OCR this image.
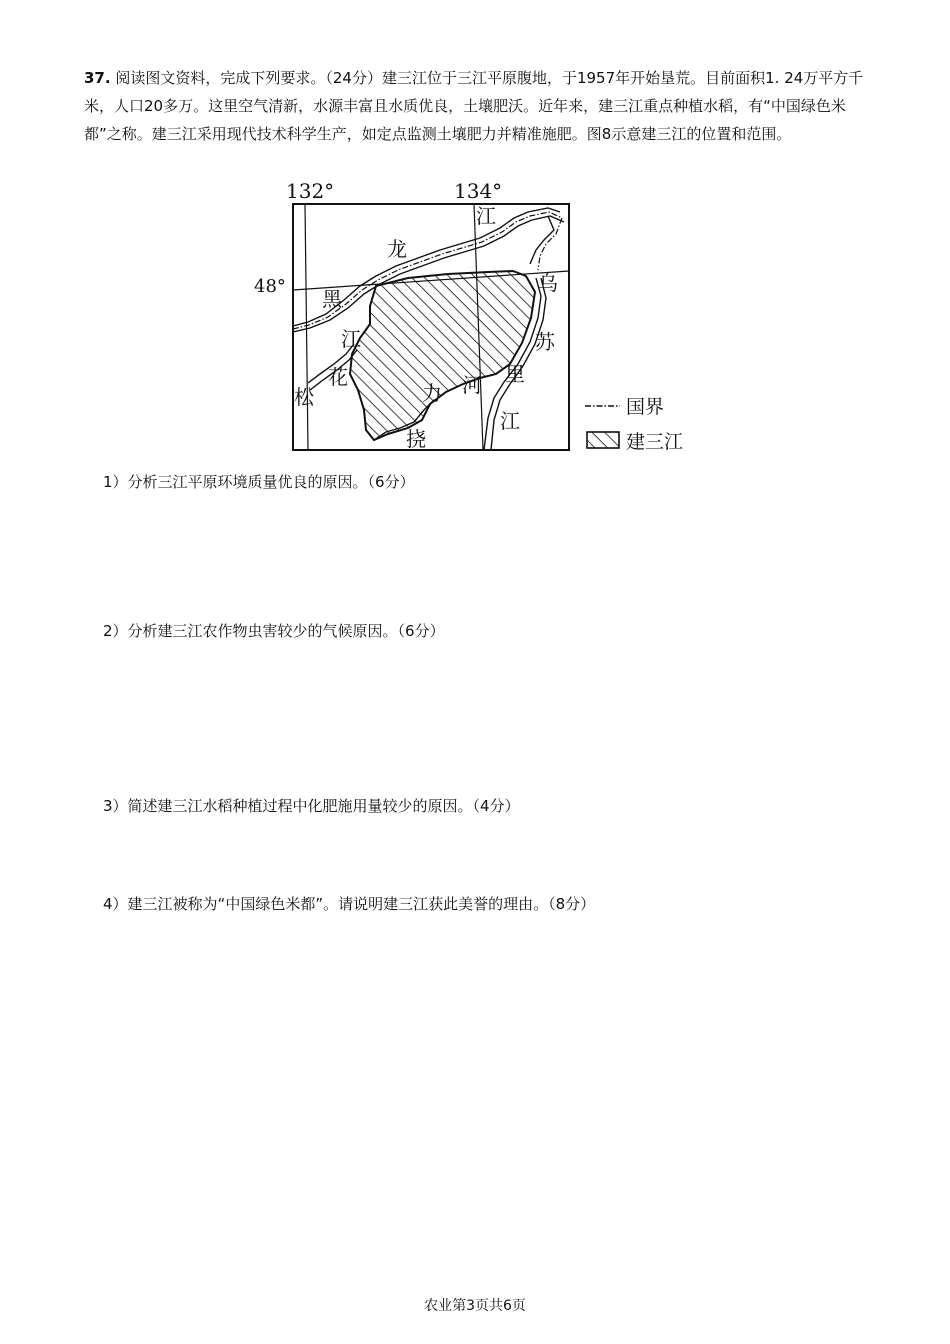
37. 阅读图文资料，完成下列要求。（24分）建三江位于三江平原腹地，于1957年开始垦荒。目前面积1. 24万平方千米，人口20多万。这里空气清新，水源丰富且水质优良，土壤肥沃。近年来，建三江重点种植水稻，有“中国绿色米都”之称。建三江采用现代技术科学生产，如定点监测土壤肥力并精准施肥。图8示意建三江的位置和范围。
132°	134°
48°
龙
黑
江
花
松
挠
力 河
江
乌
苏
里
江
国界
建三江
1）分析三江平原环境质量优良的原因。（6分）
2）分析建三江农作物虫害较少的气候原因。（6分）
3）简述建三江水稻种植过程中化肥施用量较少的原因。（4分）
4）建三江被称为“中国绿色米都”。请说明建三江获此美誉的理由。（8分）
农业第3页共6页
